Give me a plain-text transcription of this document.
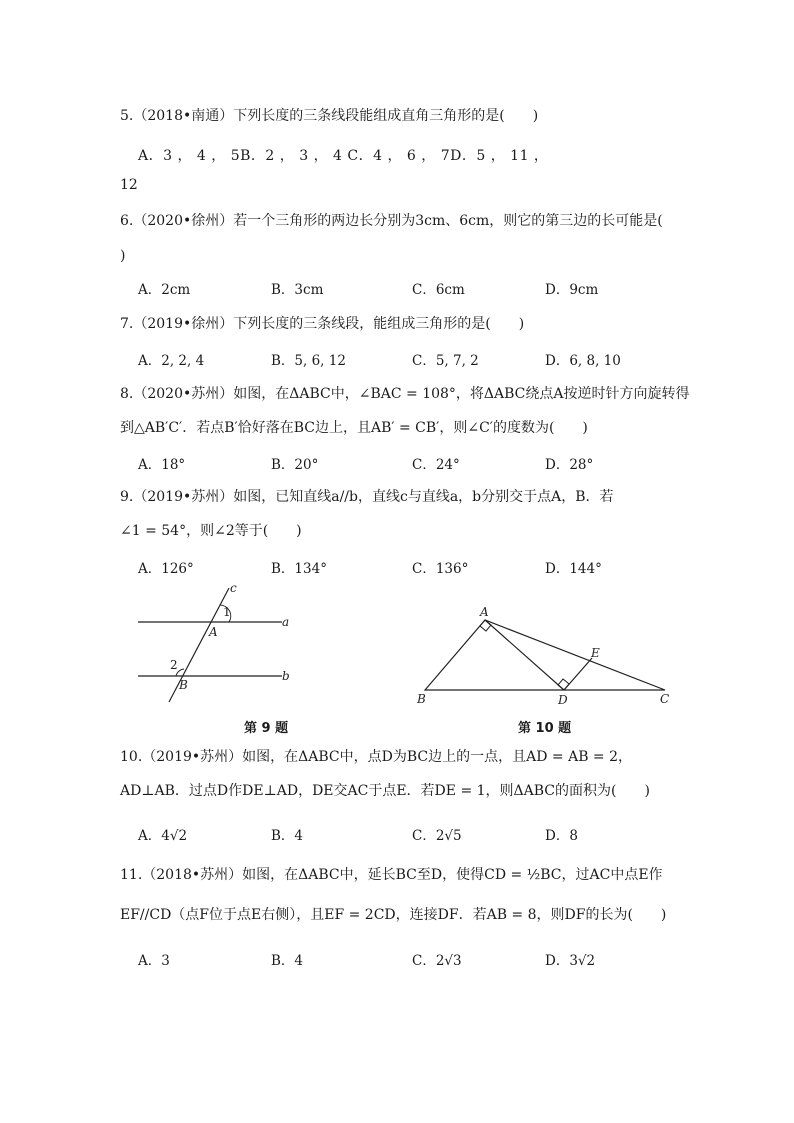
5.（2018•南通）下列长度的三条线段能组成直角三角形的是(　　)
A．3 ， 4 ， 5B．2 ， 3 ， 4 C．4 ， 6 ， 7D．5 ， 11 ，
12
6.（2020•徐州）若一个三角形的两边长分别为3cm、6cm，则它的第三边的长可能是(
)
A．2cm	B．3cm	C．6cm	D．9cm
7.（2019•徐州）下列长度的三条线段，能组成三角形的是(　　)
A．2, 2, 4	B．5, 6, 12	C．5, 7, 2	D．6, 8, 10
8.（2020•苏州）如图，在ΔABC中，∠BAC = 108°，将ΔABC绕点A按逆时针方向旋转得
到△AB′C′．若点B′恰好落在BC边上，且AB′ = CB′，则∠C′的度数为(　　)
A．18°	B．20°	C．24°	D．28°
9.（2019•苏州）如图，已知直线a//b，直线c与直线a，b分别交于点A，B．若
∠1 = 54°，则∠2等于(　　)
A．126°	B．134°	C．136°	D．144°
c
1
A
a
2
B
b
第 9 题
A
E
B	D	C
第 10 题
10.（2019•苏州）如图，在ΔABC中，点D为BC边上的一点，且AD = AB = 2，
AD⊥AB．过点D作DE⊥AD，DE交AC于点E．若DE = 1，则ΔABC的面积为(　　)
A．4√2	B．4	C．2√5	D．8
11.（2018•苏州）如图，在ΔABC中，延长BC至D，使得CD = ½BC，过AC中点E作
EF//CD（点F位于点E右侧），且EF = 2CD，连接DF．若AB = 8，则DF的长为(　　)
A．3	B．4	C．2√3	D．3√2
